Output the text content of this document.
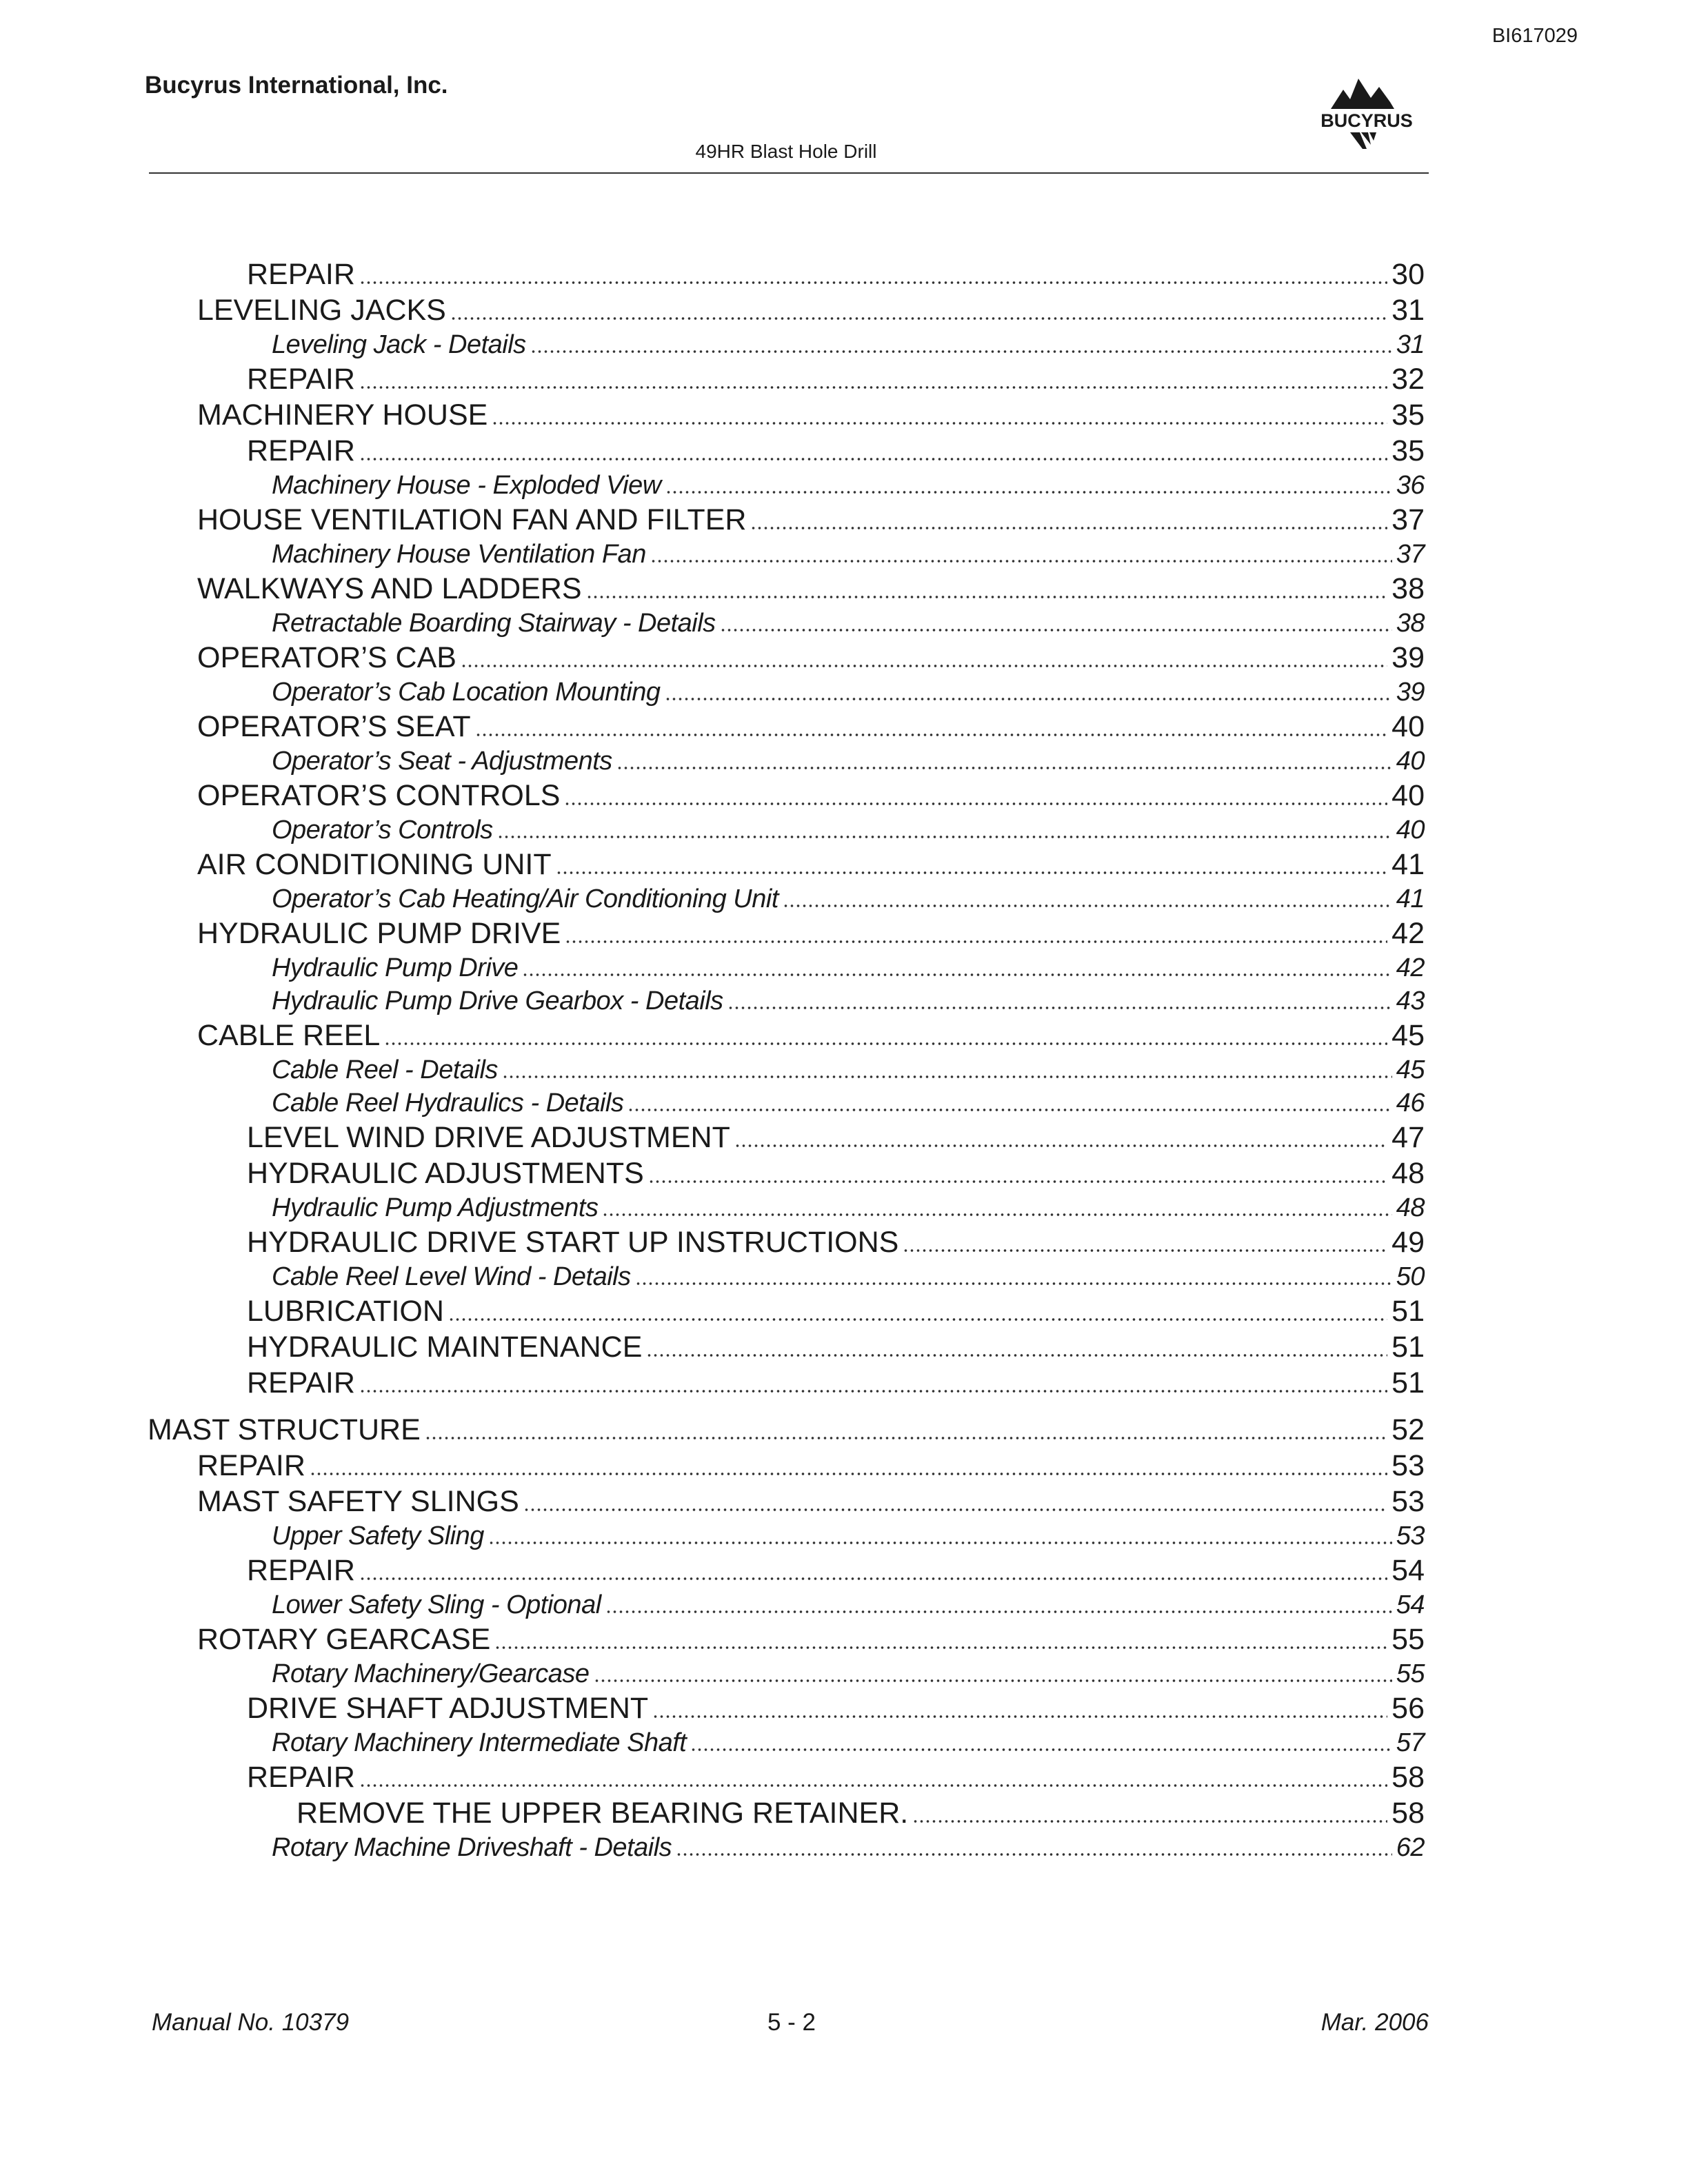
BI617029
Bucyrus International, Inc.
BUCYRUS
49HR Blast Hole Drill
REPAIR	30
LEVELING JACKS	31
Leveling Jack - Details	31
REPAIR	32
MACHINERY HOUSE	35
REPAIR	35
Machinery House - Exploded View	36
HOUSE VENTILATION FAN AND FILTER	37
Machinery House Ventilation Fan	37
WALKWAYS AND LADDERS	38
Retractable Boarding Stairway - Details	38
OPERATOR’S CAB	39
Operator’s Cab Location Mounting	39
OPERATOR’S SEAT	40
Operator’s Seat - Adjustments	40
OPERATOR’S CONTROLS	40
Operator’s Controls	40
AIR CONDITIONING UNIT	41
Operator’s Cab Heating/Air Conditioning Unit	41
HYDRAULIC PUMP DRIVE	42
Hydraulic Pump Drive	42
Hydraulic Pump Drive Gearbox - Details	43
CABLE REEL	45
Cable Reel - Details	45
Cable Reel Hydraulics - Details	46
LEVEL WIND DRIVE ADJUSTMENT	47
HYDRAULIC ADJUSTMENTS	48
Hydraulic Pump Adjustments	48
HYDRAULIC DRIVE START UP INSTRUCTIONS	49
Cable Reel Level Wind - Details	50
LUBRICATION	51
HYDRAULIC MAINTENANCE	51
REPAIR	51
MAST STRUCTURE	52
REPAIR	53
MAST SAFETY SLINGS	53
Upper Safety Sling	53
REPAIR	54
Lower Safety Sling - Optional	54
ROTARY GEARCASE	55
Rotary Machinery/Gearcase	55
DRIVE SHAFT ADJUSTMENT	56
Rotary Machinery Intermediate Shaft	57
REPAIR	58
REMOVE THE UPPER BEARING RETAINER.	58
Rotary Machine Driveshaft - Details	62
Manual No. 10379	5 - 2	Mar. 2006
